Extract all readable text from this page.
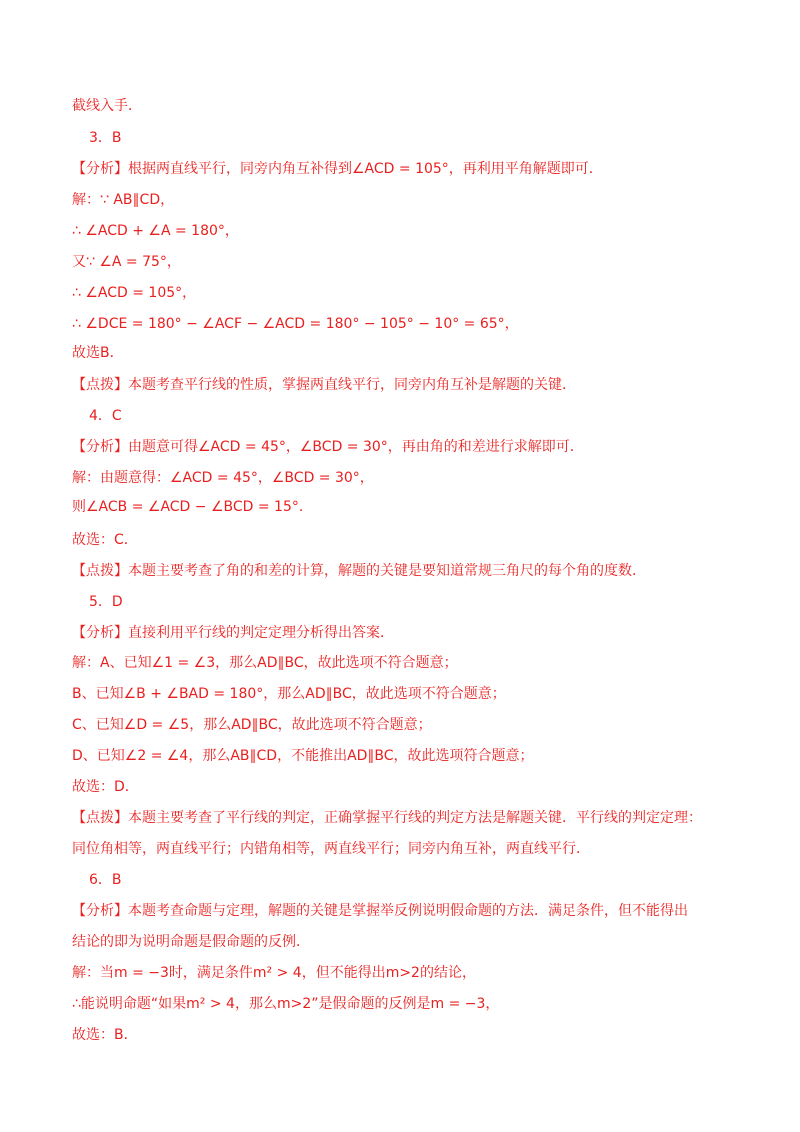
截线入手．
3．B
【分析】根据两直线平行，同旁内角互补得到∠ACD = 105°，再利用平角解题即可．
解：∵ AB∥CD，
∴ ∠ACD + ∠A = 180°，
又∵ ∠A = 75°，
∴ ∠ACD = 105°，
∴ ∠DCE = 180° − ∠ACF − ∠ACD = 180° − 105° − 10° = 65°，
故选B．
【点拨】本题考查平行线的性质，掌握两直线平行，同旁内角互补是解题的关键．
4．C
【分析】由题意可得∠ACD = 45°，∠BCD = 30°，再由角的和差进行求解即可．
解：由题意得：∠ACD = 45°，∠BCD = 30°，
则∠ACB = ∠ACD − ∠BCD = 15°．
故选：C．
【点拨】本题主要考查了角的和差的计算，解题的关键是要知道常规三角尺的每个角的度数．
5．D
【分析】直接利用平行线的判定定理分析得出答案．
解：A、已知∠1 = ∠3，那么AD∥BC，故此选项不符合题意；
B、已知∠B + ∠BAD = 180°，那么AD∥BC，故此选项不符合题意；
C、已知∠D = ∠5，那么AD∥BC，故此选项不符合题意；
D、已知∠2 = ∠4，那么AB∥CD，不能推出AD∥BC，故此选项符合题意；
故选：D．
【点拨】本题主要考查了平行线的判定，正确掌握平行线的判定方法是解题关键．平行线的判定定理：
同位角相等，两直线平行；内错角相等，两直线平行；同旁内角互补，两直线平行．
6．B
【分析】本题考查命题与定理，解题的关键是掌握举反例说明假命题的方法．满足条件，但不能得出
结论的即为说明命题是假命题的反例．
解：当m = −3时，满足条件m² > 4，但不能得出m>2的结论，
∴能说明命题“如果m² > 4，那么m>2”是假命题的反例是m = −3，
故选：B．
